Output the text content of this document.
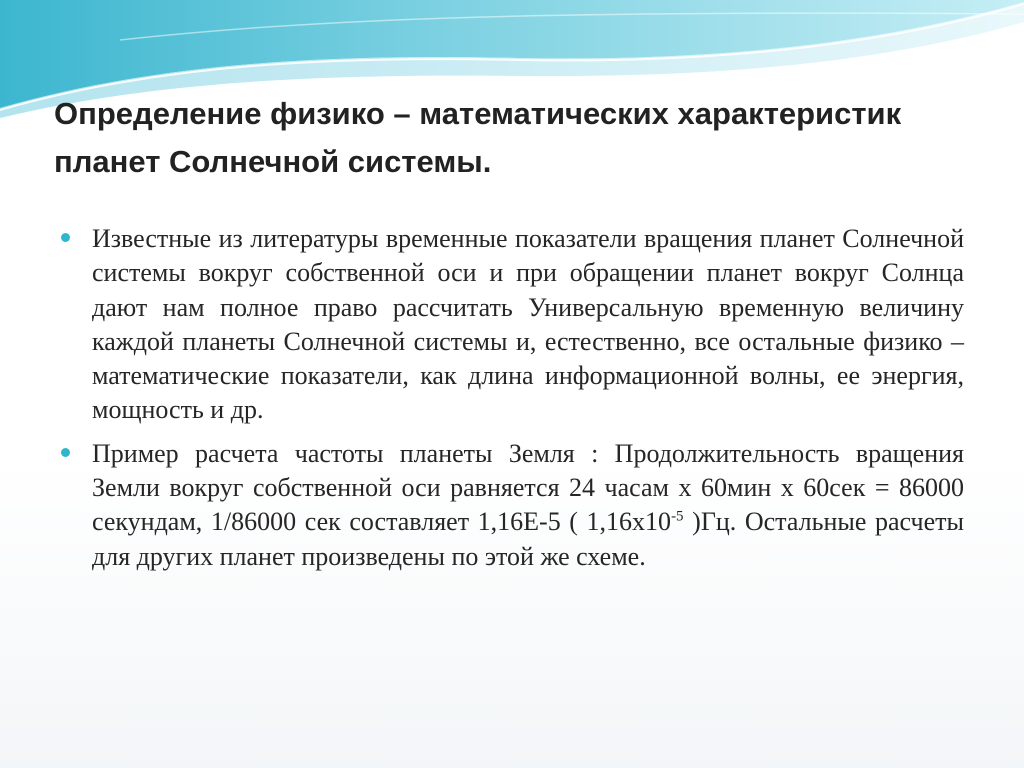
Определение физико – математических характеристик планет Солнечной системы.
Известные из литературы временные показатели вращения планет Солнечной системы вокруг собственной оси и при обращении планет вокруг Солнца дают нам полное право рассчитать Универсальную временную величину каждой планеты Солнечной системы и, естественно, все остальные физико – математические показатели, как длина информационной волны, ее энергия, мощность и др.
Пример расчета частоты планеты Земля : Продолжительность вращения Земли вокруг собственной оси равняется 24 часам х 60мин х 60сек = 86000 секундам, 1/86000 сек составляет 1,16Е-5 ( $1,16х10^{-5}$ )Гц. Остальные расчеты для других планет произведены по этой же схеме.
